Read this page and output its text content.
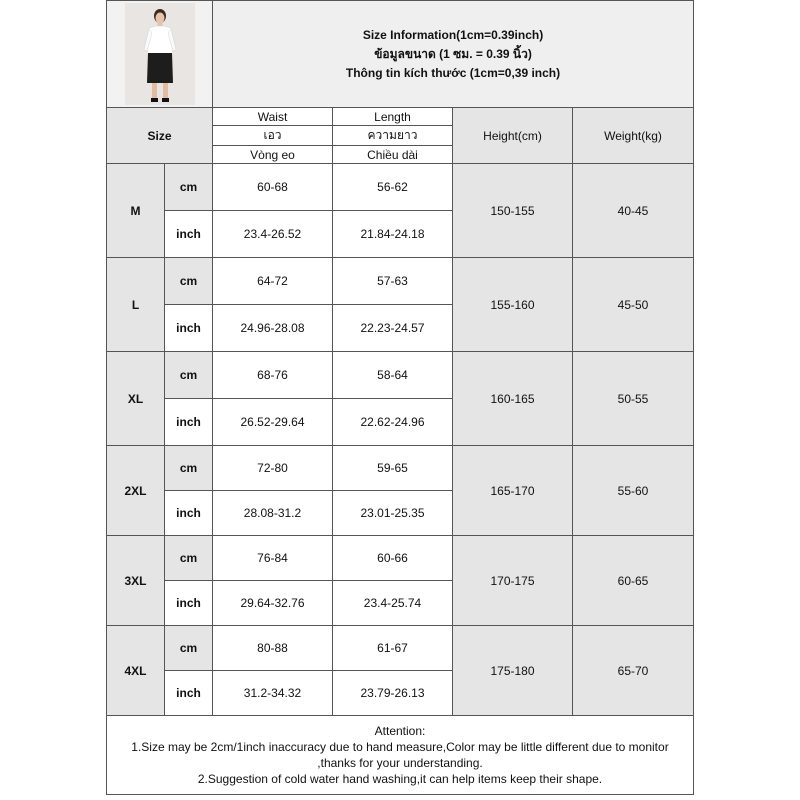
Size Information(1cm=0.39inch)
ข้อมูลขนาด (1 ซม. = 0.39 นิ้ว)
Thông tin kích thước (1cm=0,39 inch)			

Size		Waist	Length	Height(cm)	Weight(kg)
		เอว	ความยาว		
		Vòng eo	Chiều dài		
M	cm	60-68	56-62	150-155	40-45
	inch	23.4-26.52	21.84-24.18		
L	cm	64-72	57-63	155-160	45-50
	inch	24.96-28.08	22.23-24.57		
XL	cm	68-76	58-64	160-165	50-55
	inch	26.52-29.64	22.62-24.96		
2XL	cm	72-80	59-65	165-170	55-60
	inch	28.08-31.2	23.01-25.35		
3XL	cm	76-84	60-66	170-175	60-65
	inch	29.64-32.76	23.4-25.74		
4XL	cm	80-88	61-67	175-180	65-70
	inch	31.2-34.32	23.79-26.13		

Attention:
1.Size may be 2cm/1inch inaccuracy due to hand measure,Color may be little different due to monitor ,thanks for your understanding.
2.Suggestion of cold water hand washing,it can help items keep their shape.					
